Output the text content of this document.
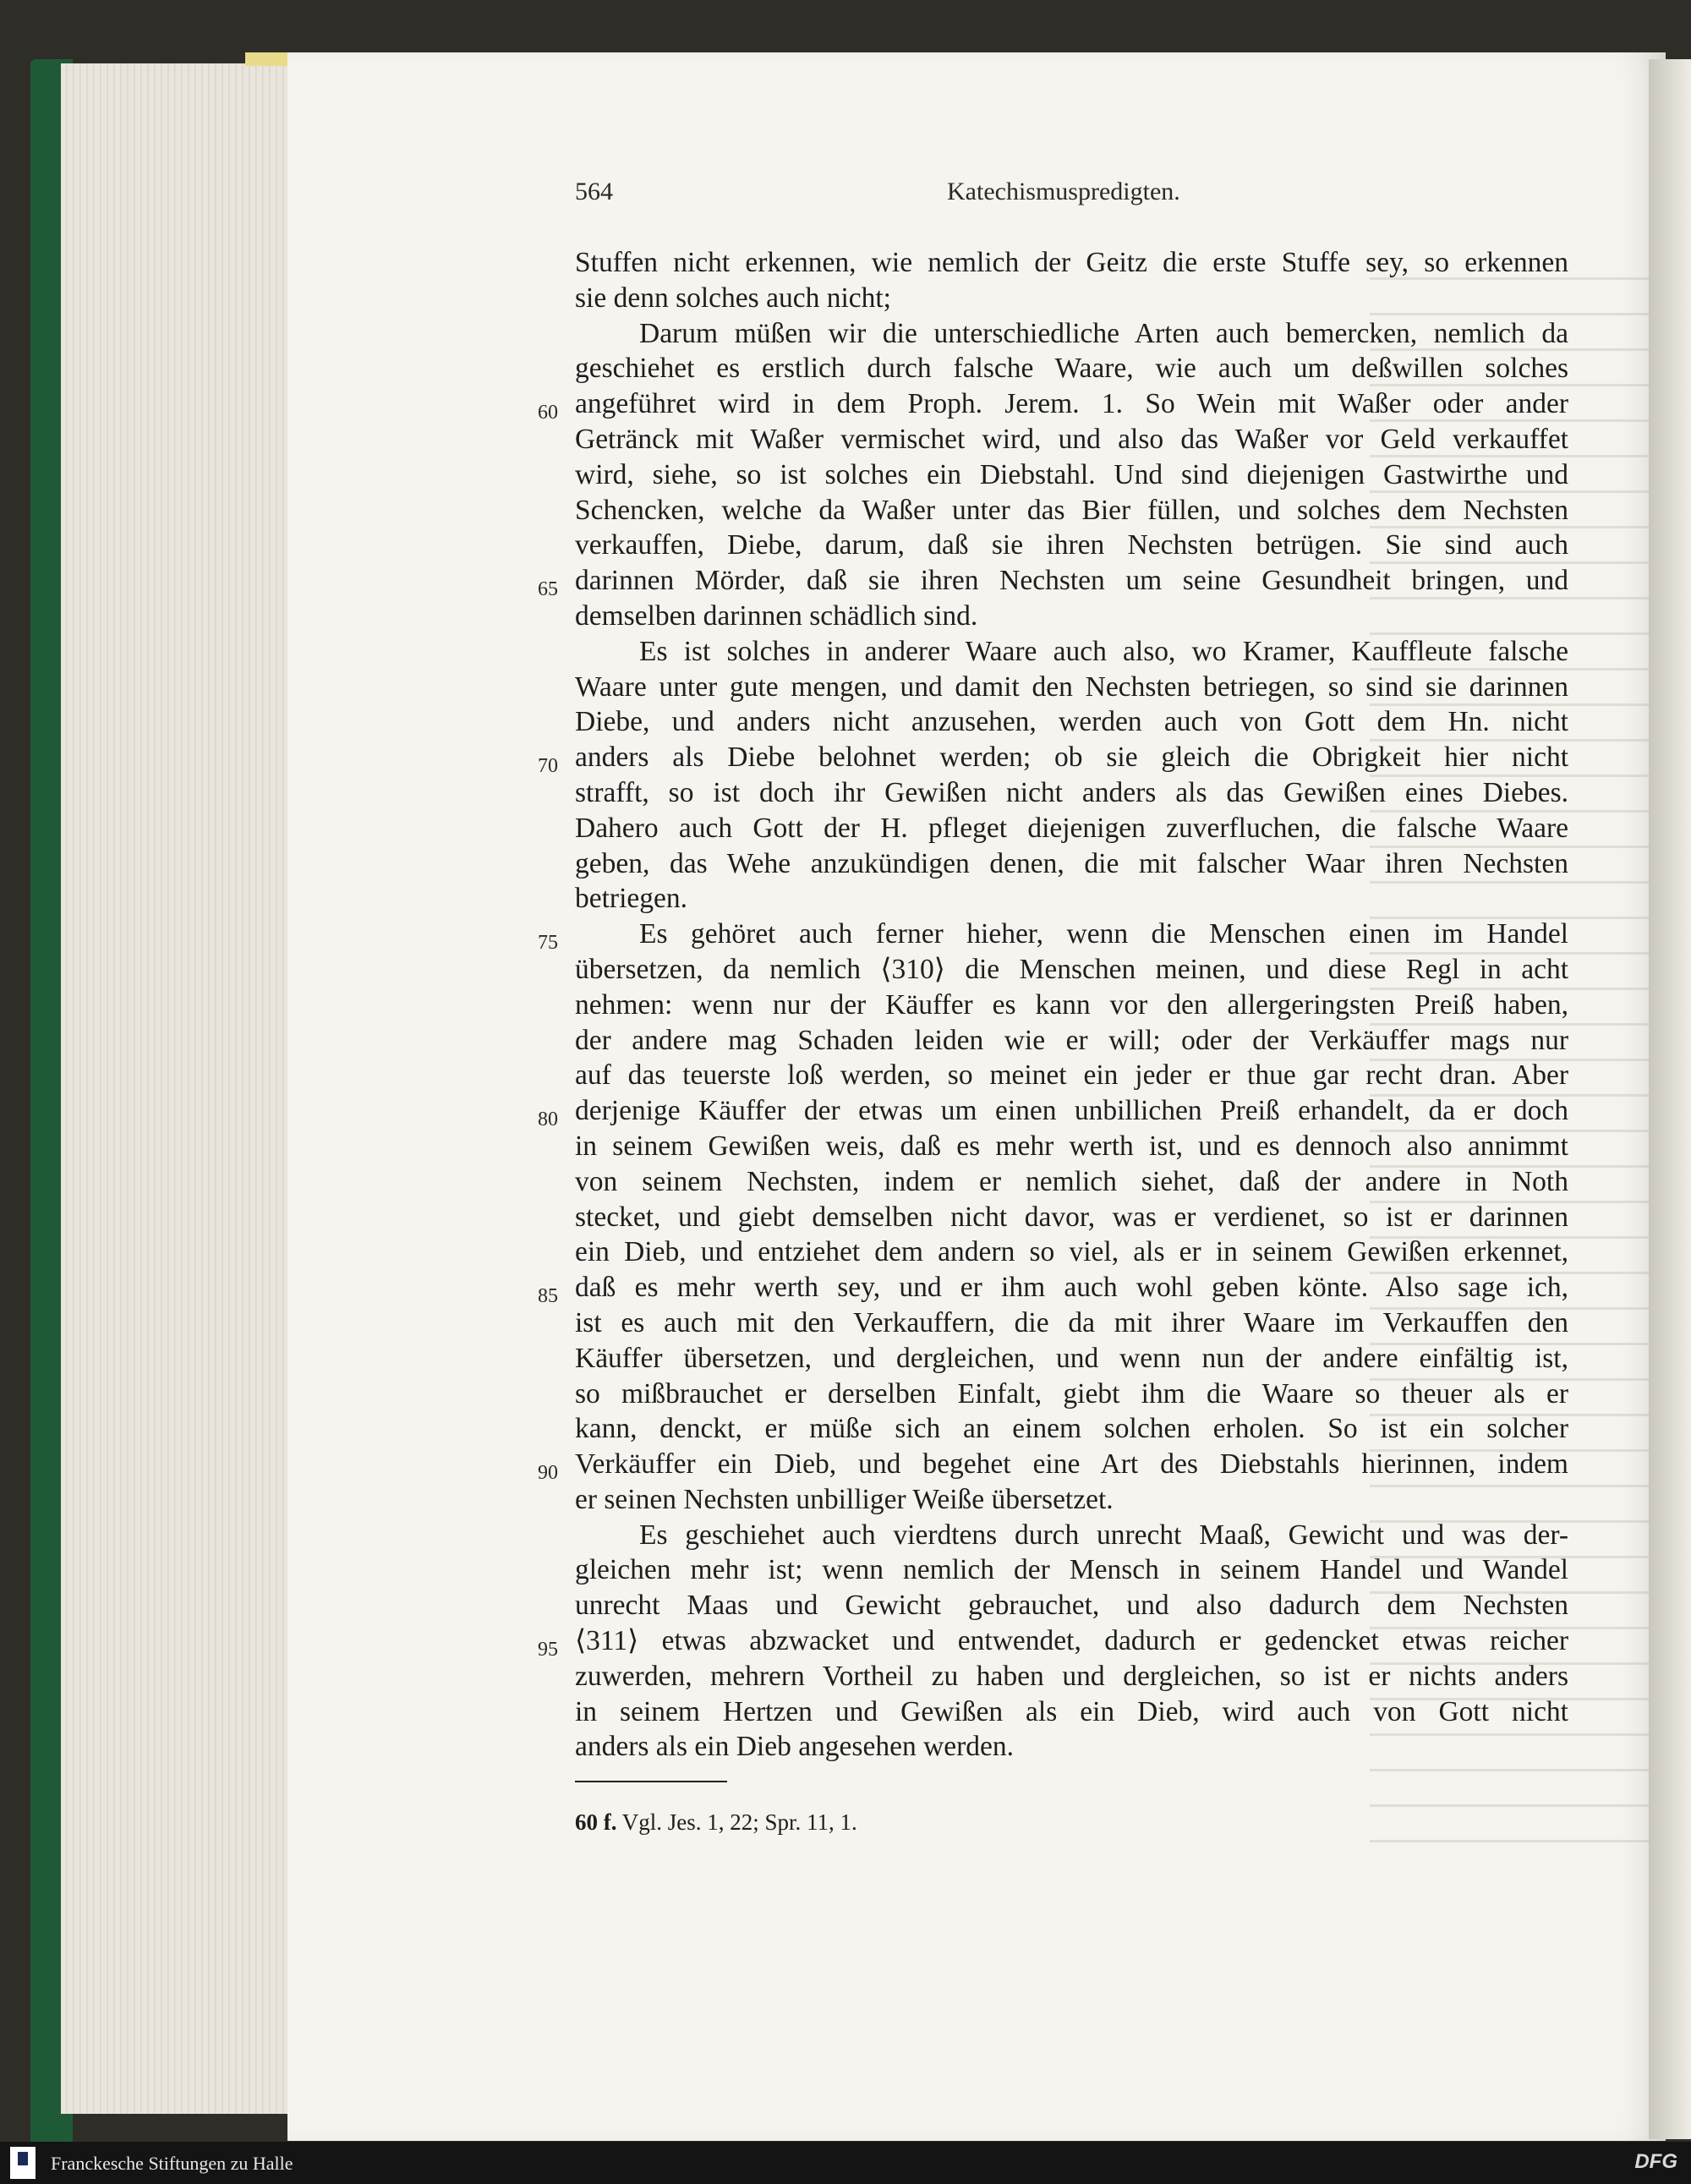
564	Katechismuspredigten.
60
65
70
75
80
85
90
95
Stuffen nicht erkennen, wie nemlich der Geitz die erste Stuffe sey, so erkennen
sie denn solches auch nicht;
Darum müßen wir die unterschiedliche Arten auch bemercken, nemlich da
geschiehet es erstlich durch falsche Waare, wie auch um deßwillen solches
angeführet wird in dem Proph. Jerem. 1. So Wein mit Waßer oder ander
Getränck mit Waßer vermischet wird, und also das Waßer vor Geld verkauffet
wird, siehe, so ist solches ein Diebstahl. Und sind diejenigen Gastwirthe und
Schencken, welche da Waßer unter das Bier füllen, und solches dem Nechsten
verkauffen, Diebe, darum, daß sie ihren Nechsten betrügen. Sie sind auch
darinnen Mörder, daß sie ihren Nechsten um seine Gesundheit bringen, und
demselben darinnen schädlich sind.
Es ist solches in anderer Waare auch also, wo Kramer, Kauffleute falsche
Waare unter gute mengen, und damit den Nechsten betriegen, so sind sie darinnen
Diebe, und anders nicht anzusehen, werden auch von Gott dem Hn. nicht
anders als Diebe belohnet werden; ob sie gleich die Obrigkeit hier nicht
strafft, so ist doch ihr Gewißen nicht anders als das Gewißen eines Diebes.
Dahero auch Gott der H. pfleget diejenigen zuverfluchen, die falsche Waare
geben, das Wehe anzukündigen denen, die mit falscher Waar ihren Nechsten
betriegen.
Es gehöret auch ferner hieher, wenn die Menschen einen im Handel
übersetzen, da nemlich ⟨310⟩ die Menschen meinen, und diese Regl in acht
nehmen: wenn nur der Käuffer es kann vor den allergeringsten Preiß haben,
der andere mag Schaden leiden wie er will; oder der Verkäuffer mags nur
auf das teuerste loß werden, so meinet ein jeder er thue gar recht dran. Aber
derjenige Käuffer der etwas um einen unbillichen Preiß erhandelt, da er doch
in seinem Gewißen weis, daß es mehr werth ist, und es dennoch also annimmt
von seinem Nechsten, indem er nemlich siehet, daß der andere in Noth
stecket, und giebt demselben nicht davor, was er verdienet, so ist er darinnen
ein Dieb, und entziehet dem andern so viel, als er in seinem Gewißen erkennet,
daß es mehr werth sey, und er ihm auch wohl geben könte. Also sage ich,
ist es auch mit den Verkauffern, die da mit ihrer Waare im Verkauffen den
Käuffer übersetzen, und dergleichen, und wenn nun der andere einfältig ist,
so mißbrauchet er derselben Einfalt, giebt ihm die Waare so theuer als er
kann, denckt, er müße sich an einem solchen erholen. So ist ein solcher
Verkäuffer ein Dieb, und begehet eine Art des Diebstahls hierinnen, indem
er seinen Nechsten unbilliger Weiße übersetzet.
Es geschiehet auch vierdtens durch unrecht Maaß, Gewicht und was der-
gleichen mehr ist; wenn nemlich der Mensch in seinem Handel und Wandel
unrecht Maas und Gewicht gebrauchet, und also dadurch dem Nechsten
⟨311⟩ etwas abzwacket und entwendet, dadurch er gedencket etwas reicher
zuwerden, mehrern Vortheil zu haben und dergleichen, so ist er nichts anders
in seinem Hertzen und Gewißen als ein Dieb, wird auch von Gott nicht
anders als ein Dieb angesehen werden.
60 f. Vgl. Jes. 1, 22; Spr. 11, 1.
Franckesche Stiftungen zu Halle	DFG
